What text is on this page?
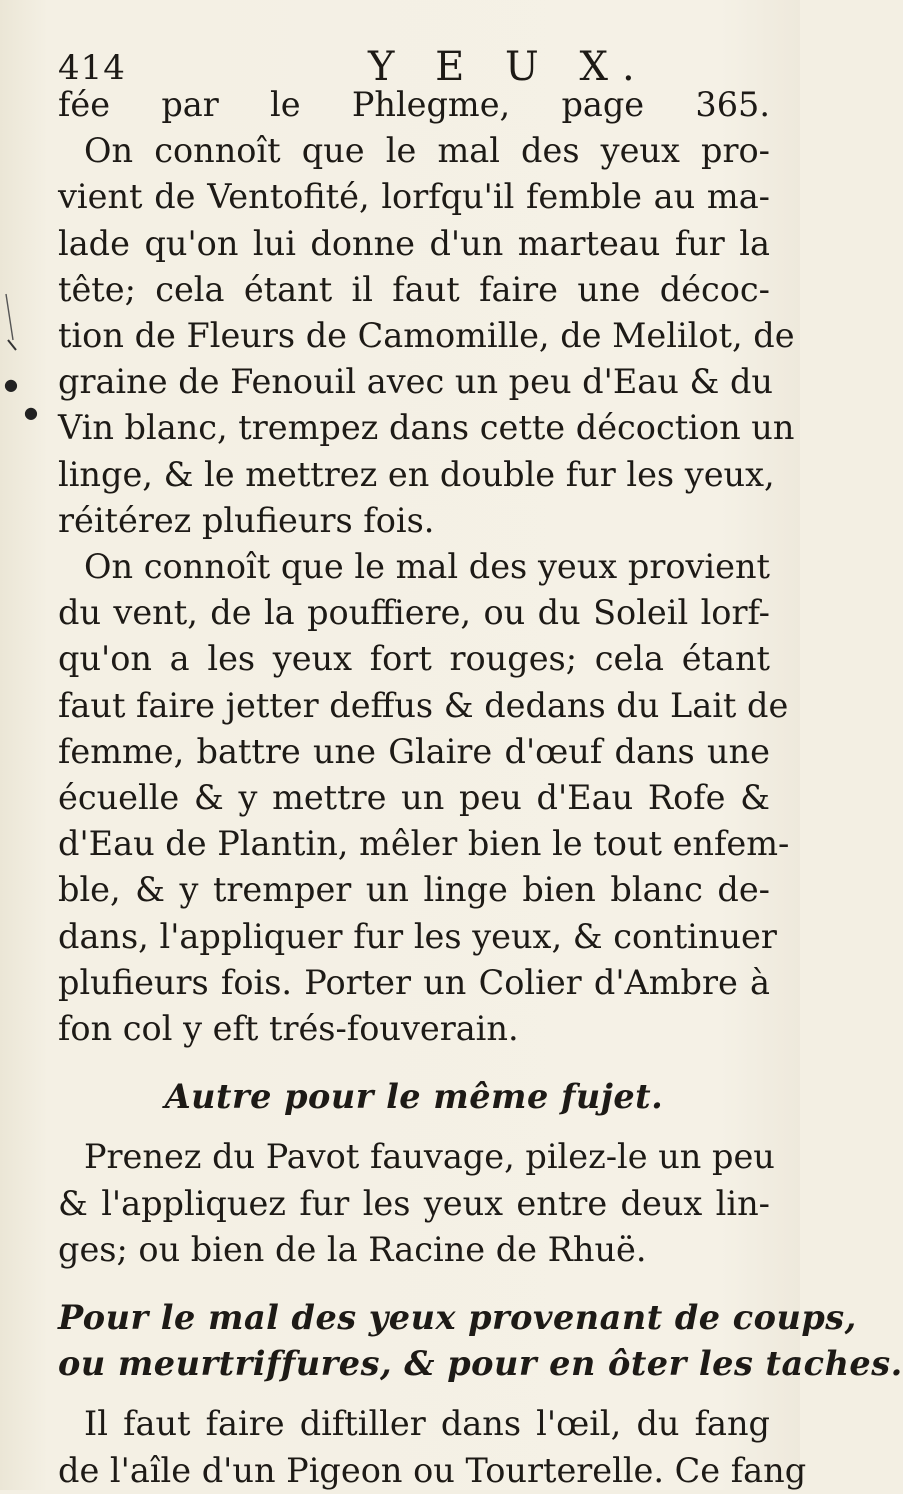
414	Y E U X.
●
●
fée par le Phlegme, page 365.
On connoît que le mal des yeux pro-
vient de Ventofité, lorfqu'il femble au ma-
lade qu'on lui donne d'un marteau fur la
tête; cela étant il faut faire une décoc-
tion de Fleurs de Camomille, de Melilot, de
graine de Fenouil avec un peu d'Eau & du
Vin blanc, trempez dans cette décoction un
linge, & le mettrez en double fur les yeux,
réitérez plufieurs fois.
On connoît que le mal des yeux provient
du vent, de la pouffiere, ou du Soleil lorf-
qu'on a les yeux fort rouges; cela étant
faut faire jetter deffus & dedans du Lait de
femme, battre une Glaire d'œuf dans une
écuelle & y mettre un peu d'Eau Rofe &
d'Eau de Plantin, mêler bien le tout enfem-
ble, & y tremper un linge bien blanc de-
dans, l'appliquer fur les yeux, & continuer
plufieurs fois. Porter un Colier d'Ambre à
fon col y eft trés-fouverain.
Autre pour le même fujet.
Prenez du Pavot fauvage, pilez-le un peu
& l'appliquez fur les yeux entre deux lin-
ges; ou bien de la Racine de Rhuë.
Pour le mal des yeux provenant de coups,
ou meurtriffures, & pour en ôter les taches.
Il faut faire diftiller dans l'œil, du fang
de l'aîle d'un Pigeon ou Tourterelle. Ce fang
